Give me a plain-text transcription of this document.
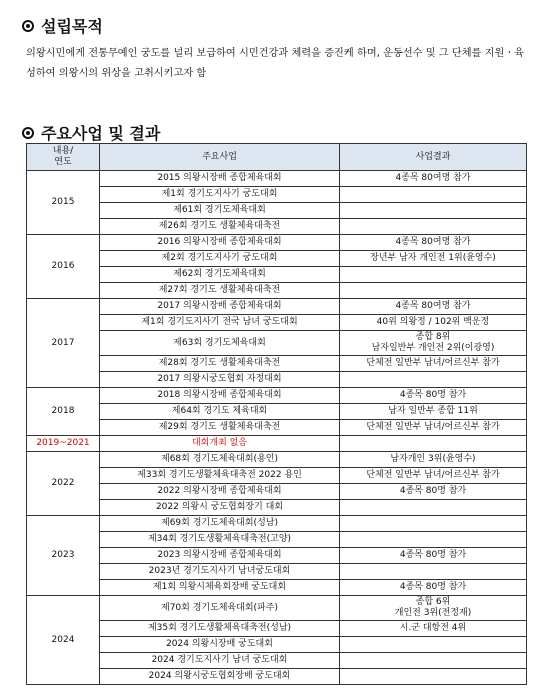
설립목적
의왕시민에게 전통무예인 궁도를 널리 보급하여 시민건강과 체력을 증진케 하며, 운동선수 및 그 단체를 지원ㆍ육성하여 의왕시의 위상을 고취시키고자 함
주요사업 및 결과
내용/
연도	주요사업	사업결과
2015	2015 의왕시장배 종합체육대회	4종목 80여명 참가
	제1회 경기도지사기 궁도대회	
	제61회 경기도체육대회	
	제26회 경기도 생활체육대축전	
2016	2016 의왕시장배 종합체육대회	4종목 80여명 참가
	제2회 경기도지사기 궁도대회	장년부 남자 개인전 1위(윤영수)
	제62회 경기도체육대회	
	제27회 경기도 생활체육대축전	
2017	2017 의왕시장배 종합체육대회	4종목 80여명 참가
	제1회 경기도지사기 전국 남녀 궁도대회	40위 의왕정 / 102위 백운정
	제63회 경기도체육대회	종합 8위
남자일반부 개인전 2위(이광영)
	제28회 경기도 생활체육대축전	단체전 일반부 남녀/어르신부 참가
	2017 의왕시궁도협회 자정대회	
2018	2018 의왕시장배 종합체육대회	4종목 80명 참가
	제64회 경기도 체육대회	남자 일반부 종합 11위
	제29회 경기도 생활체육대축전	단체전 일반부 남녀/어르신부 참가
2019~2021	대회개최 없음	
2022	제68회 경기도체육대회(용인)	남자개인 3위(윤영수)
	제33회 경기도생활체육대축전 2022 용인	단체전 일반부 남녀/어르신부 참가
	2022 의왕시장배 종합체육대회	4종목 80명 참가
	2022 의왕시 궁도협회장기 대회	
2023	제69회 경기도체육대회(성남)	
	제34회 경기도생활체육대축전(고양)	
	2023 의왕시장배 종합체육대회	4종목 80명 참가
	2023년 경기도지사기 남녀궁도대회	
	제1회 의왕시체육회장배 궁도대회	4종목 80명 참가
2024	제70회 경기도체육대회(파주)	종합 6위
개인전 3위(전정재)
	제35회 경기도생활체육대축전(성남)	시.군 대항전 4위
	2024 의왕시장배 궁도대회	
	2024 경기도지사기 남녀 궁도대회	
	2024 의왕시궁도협회장배 궁도대회	
